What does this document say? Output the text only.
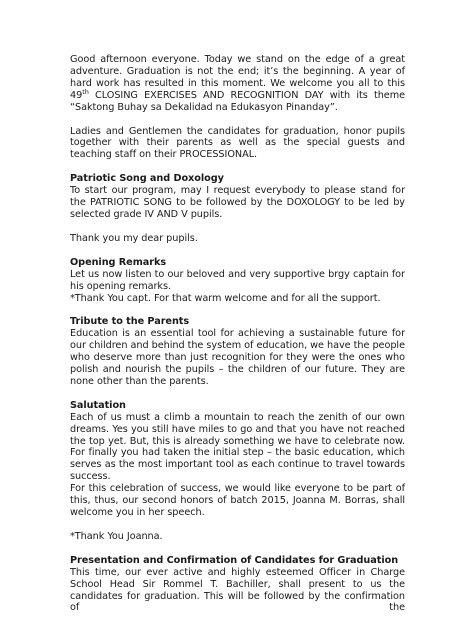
Good afternoon everyone. Today we stand on the edge of a great adventure. Graduation is not the end; it’s the beginning. A year of hard work has resulted in this moment. We welcome you all to this 49th CLOSING EXERCISES AND RECOGNITION DAY with its theme “Saktong Buhay sa Dekalidad na Edukasyon Pinanday”.

Ladies and Gentlemen the candidates for graduation, honor pupils together with their parents as well as the special guests and teaching staff on their PROCESSIONAL.

Patriotic Song and Doxology

To start our program, may I request everybody to please stand for the PATRIOTIC SONG to be followed by the DOXOLOGY to be led by selected grade IV AND V pupils.

Thank you my dear pupils.

Opening Remarks

Let us now listen to our beloved and very supportive brgy captain for his opening remarks.

*Thank You capt. For that warm welcome and for all the support.

Tribute to the Parents

Education is an essential tool for achieving a sustainable future for our children and behind the system of education, we have the people who deserve more than just recognition for they were the ones who polish and nourish the pupils – the children of our future. They are none other than the parents.

Salutation

Each of us must a climb a mountain to reach the zenith of our own dreams. Yes you still have miles to go and that you have not reached the top yet. But, this is already something we have to celebrate now. For finally you had taken the initial step – the basic education, which serves as the most important tool as each continue to travel towards success.

For this celebration of success, we would like everyone to be part of this, thus, our second honors of batch 2015, Joanna M. Borras, shall welcome you in her speech.

*Thank You Joanna.

Presentation and Confirmation of Candidates for Graduation

This time, our ever active and highly esteemed Officer in Charge School Head Sir Rommel T. Bachiller, shall present to us the candidates for graduation. This will be followed by the confirmation of the
